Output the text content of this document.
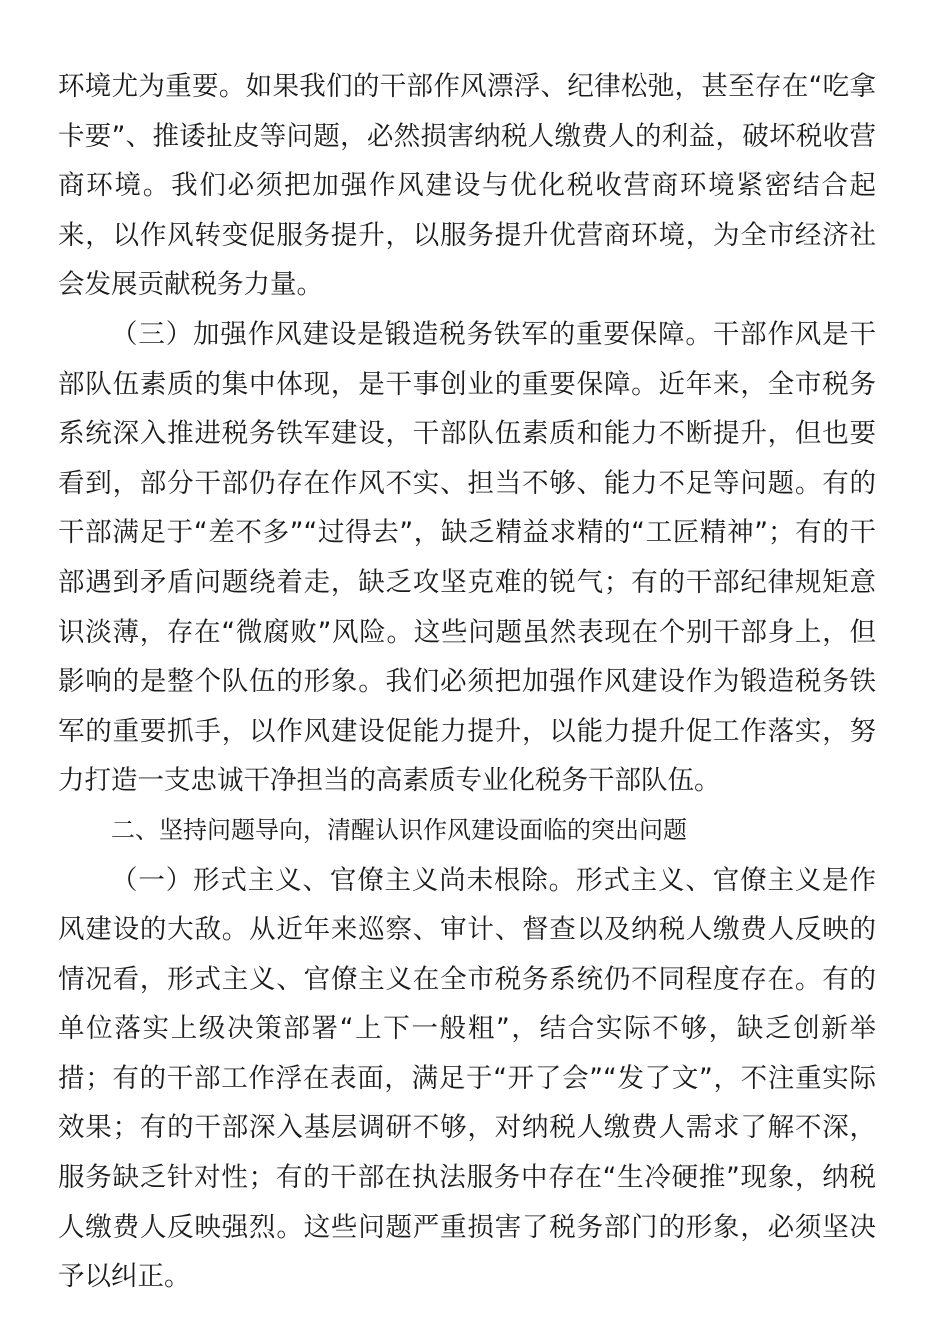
环境尤为重要。如果我们的干部作风漂浮、纪律松弛，甚至存在“吃拿卡要”、推诿扯皮等问题，必然损害纳税人缴费人的利益，破坏税收营商环境。我们必须把加强作风建设与优化税收营商环境紧密结合起来，以作风转变促服务提升，以服务提升优营商环境，为全市经济社会发展贡献税务力量。

（三）加强作风建设是锻造税务铁军的重要保障。干部作风是干部队伍素质的集中体现，是干事创业的重要保障。近年来，全市税务系统深入推进税务铁军建设，干部队伍素质和能力不断提升，但也要看到，部分干部仍存在作风不实、担当不够、能力不足等问题。有的干部满足于“差不多”“过得去”，缺乏精益求精的“工匠精神”；有的干部遇到矛盾问题绕着走，缺乏攻坚克难的锐气；有的干部纪律规矩意识淡薄，存在“微腐败”风险。这些问题虽然表现在个别干部身上，但影响的是整个队伍的形象。我们必须把加强作风建设作为锻造税务铁军的重要抓手，以作风建设促能力提升，以能力提升促工作落实，努力打造一支忠诚干净担当的高素质专业化税务干部队伍。

二、坚持问题导向，清醒认识作风建设面临的突出问题

（一）形式主义、官僚主义尚未根除。形式主义、官僚主义是作风建设的大敌。从近年来巡察、审计、督查以及纳税人缴费人反映的情况看，形式主义、官僚主义在全市税务系统仍不同程度存在。有的单位落实上级决策部署“上下一般粗”，结合实际不够，缺乏创新举措；有的干部工作浮在表面，满足于“开了会”“发了文”，不注重实际效果；有的干部深入基层调研不够，对纳税人缴费人需求了解不深，服务缺乏针对性；有的干部在执法服务中存在“生冷硬推”现象，纳税人缴费人反映强烈。这些问题严重损害了税务部门的形象，必须坚决予以纠正。
